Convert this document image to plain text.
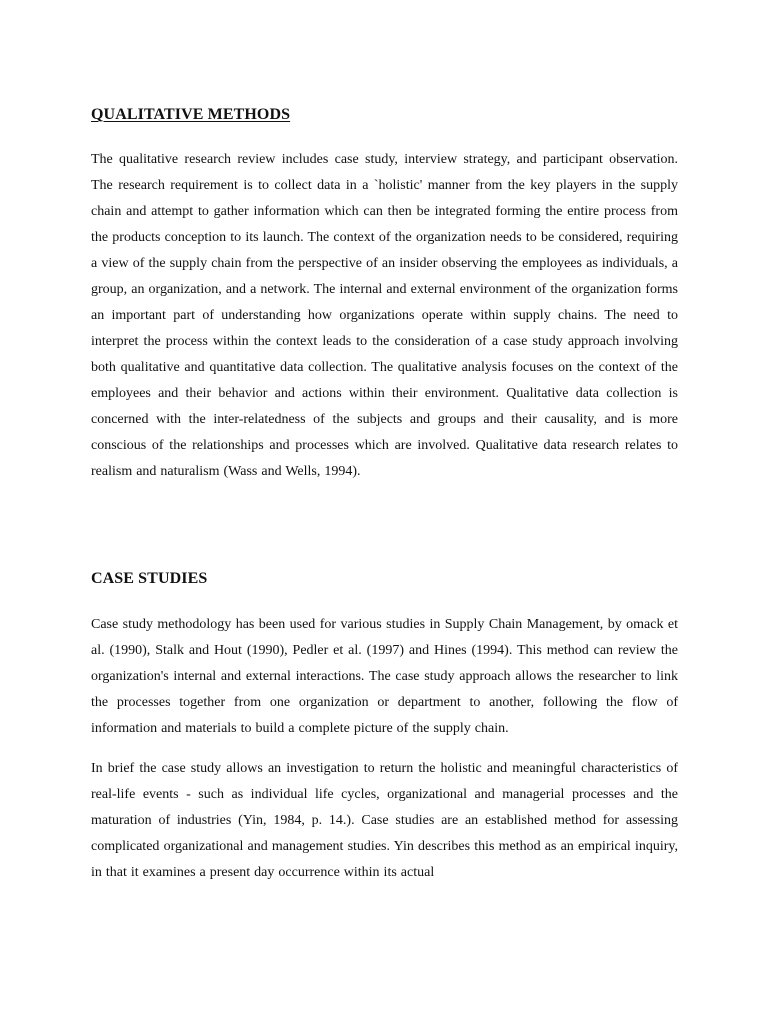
QUALITATIVE METHODS

The qualitative research review includes case study, interview strategy, and participant observation. The research requirement is to collect data in a `holistic' manner from the key players in the supply chain and attempt to gather information which can then be integrated forming the entire process from the products conception to its launch. The context of the organization needs to be considered, requiring a view of the supply chain from the perspective of an insider observing the employees as individuals, a group, an organization, and a network. The internal and external environment of the organization forms an important part of understanding how organizations operate within supply chains. The need to interpret the process within the context leads to the consideration of a case study approach involving both qualitative and quantitative data collection. The qualitative analysis focuses on the context of the employees and their behavior and actions within their environment. Qualitative data collection is concerned with the inter-relatedness of the subjects and groups and their causality, and is more conscious of the relationships and processes which are involved. Qualitative data research relates to realism and naturalism (Wass and Wells, 1994).

CASE STUDIES

Case study methodology has been used for various studies in Supply Chain Management, by omack et al. (1990), Stalk and Hout (1990), Pedler et al. (1997) and Hines (1994). This method can review the organization's internal and external interactions. The case study approach allows the researcher to link the processes together from one organization or department to another, following the flow of information and materials to build a complete picture of the supply chain.

In brief the case study allows an investigation to return the holistic and meaningful characteristics of real-life events - such as individual life cycles, organizational and managerial processes and the maturation of industries (Yin, 1984, p. 14.). Case studies are an established method for assessing complicated organizational and management studies. Yin describes this method as an empirical inquiry, in that it examines a present day occurrence within its actual
